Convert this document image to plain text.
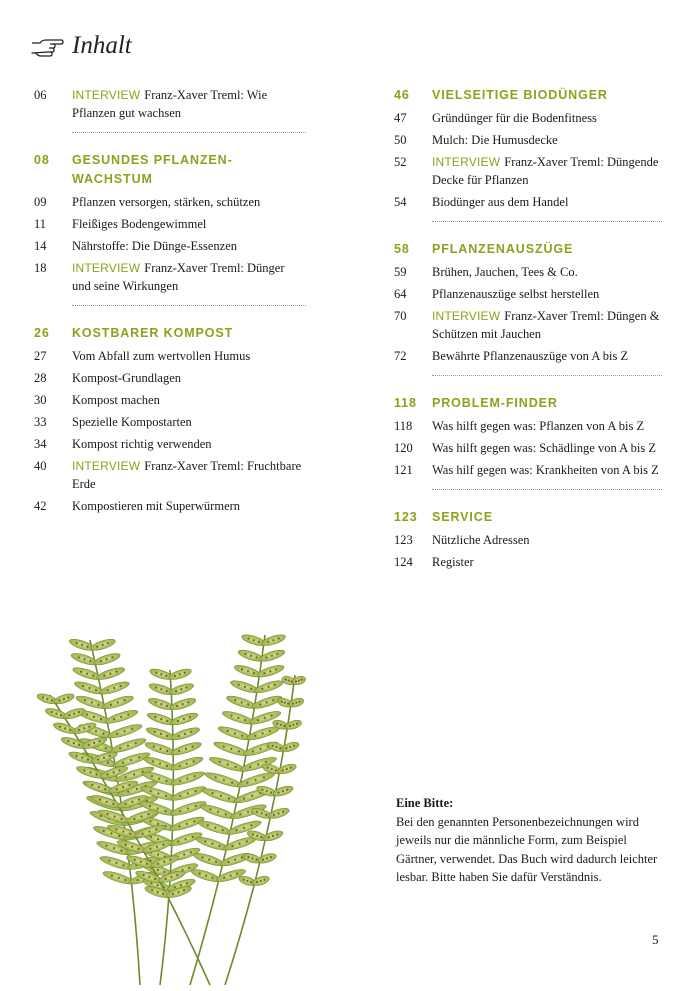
Inhalt
06	INTERVIEW Franz-Xaver Treml: Wie Pflanzen gut wachsen
08	GESUNDES PFLANZEN-WACHSTUM
09	Pflanzen versorgen, stärken, schützen
11	Fleißiges Bodengewimmel
14	Nährstoffe: Die Dünge-Essenzen
18	INTERVIEW Franz-Xaver Treml: Dünger und seine Wirkungen
26	KOSTBARER KOMPOST
27	Vom Abfall zum wertvollen Humus
28	Kompost-Grundlagen
30	Kompost machen
33	Spezielle Kompostarten
34	Kompost richtig verwenden
40	INTERVIEW Franz-Xaver Treml: Fruchtbare Erde
42	Kompostieren mit Superwürmern
46	VIELSEITIGE BIODÜNGER
47	Gründünger für die Bodenfitness
50	Mulch: Die Humusdecke
52	INTERVIEW Franz-Xaver Treml: Düngende Decke für Pflanzen
54	Biodünger aus dem Handel
58	PFLANZENAUSZÜGE
59	Brühen, Jauchen, Tees & Co.
64	Pflanzenauszüge selbst herstellen
70	INTERVIEW Franz-Xaver Treml: Düngen & Schützen mit Jauchen
72	Bewährte Pflanzenauszüge von A bis Z
118	PROBLEM-FINDER
118	Was hilft gegen was: Pflanzen von A bis Z
120	Was hilft gegen was: Schädlinge von A bis Z
121	Was hilf gegen was: Krankheiten von A bis Z
123	SERVICE
123	Nützliche Adressen
124	Register
Eine Bitte:
Bei den genannten Personenbezeichnungen wird jeweils nur die männliche Form, zum Beispiel Gärtner, verwendet. Das Buch wird dadurch leichter lesbar. Bitte haben Sie dafür Verständnis.
5
